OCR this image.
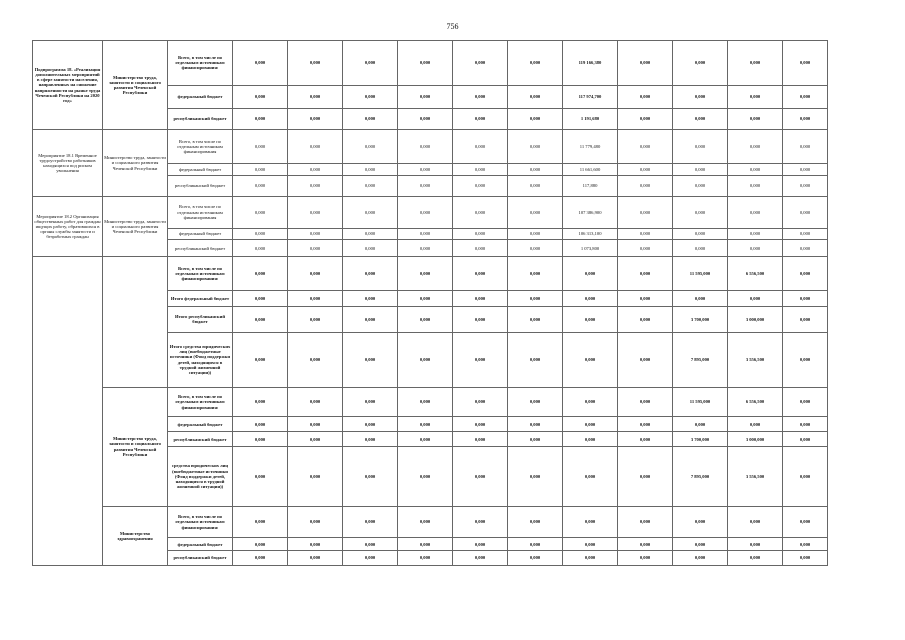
756
Подпрограмма 18. «Реализация дополнительных мероприятий в сфере занятости населения, направленных на снижение напряженности на рынке труда Чеченской Республики на 2020 год»	Министерство труда, занятости и социального развития Чеченской Республики	Всего, в том числе по отдельным источникам финансирования:	0,000	0,000	0,000	0,000	0,000	0,000	119 166,380	0,000	0,000	0,000	0,000
		федеральный бюджет	0,000	0,000	0,000	0,000	0,000	0,000	117 974,700	0,000	0,000	0,000	0,000
		республиканский бюджет	0,000	0,000	0,000	0,000	0,000	0,000	1 191,680	0,000	0,000	0,000	0,000
Мероприятие 18.1 Временное трудоустройство работников находящихся под риском увольнения	Министерство труда, занятости и социального развития Чеченской Республики	Всего, в том числе по отдельным источникам финансирования	0,000	0,000	0,000	0,000	0,000	0,000	11 779,480	0,000	0,000	0,000	0,000
		федеральный бюджет	0,000	0,000	0,000	0,000	0,000	0,000	11 661,600	0,000	0,000	0,000	0,000
		республиканский бюджет	0,000	0,000	0,000	0,000	0,000	0,000	117,880	0,000	0,000	0,000	0,000
Мероприятие 18.2 Организация общественных работ для граждан ищущих работу, обратившихся в органы службы занятости и безработных граждан	Министерство труда, занятости и социального развития Чеченской Республики	Всего, в том числе по отдельным источникам финансирования	0,000	0,000	0,000	0,000	0,000	0,000	107 386,900	0,000	0,000	0,000	0,000
		федеральный бюджет	0,000	0,000	0,000	0,000	0,000	0,000	106 313,100	0,000	0,000	0,000	0,000
		республиканский бюджет	0,000	0,000	0,000	0,000	0,000	0,000	1 073,800	0,000	0,000	0,000	0,000
		Всего, в том числе по отдельным источникам финансирования:	0,000	0,000	0,000	0,000	0,000	0,000	0,000	0,000	11 595,000	6 556,500	0,000
		Итого федеральный бюджет	0,000	0,000	0,000	0,000	0,000	0,000	0,000	0,000	0,000	0,000	0,000
		Итого республиканский бюджет	0,000	0,000	0,000	0,000	0,000	0,000	0,000	0,000	3 700,000	3 000,000	0,000
		Итого средства юридических лиц (внебюджетные источники (Фонд поддержки детей, находящихся в трудной жизненной ситуации))	0,000	0,000	0,000	0,000	0,000	0,000	0,000	0,000	7 895,000	3 556,500	0,000
	Министерство труда, занятости и социального развития Чеченской Республики	Всего, в том числе по отдельным источникам финансирования:	0,000	0,000	0,000	0,000	0,000	0,000	0,000	0,000	11 595,000	6 556,500	0,000
		федеральный бюджет	0,000	0,000	0,000	0,000	0,000	0,000	0,000	0,000	0,000	0,000	0,000
		республиканский бюджет	0,000	0,000	0,000	0,000	0,000	0,000	0,000	0,000	3 700,000	3 000,000	0,000
		средства юридических лиц (внебюджетные источники (Фонд поддержки детей, находящихся в трудной жизненной ситуации))	0,000	0,000	0,000	0,000	0,000	0,000	0,000	0,000	7 895,000	3 556,500	0,000
	Министерство здравоохранения	Всего, в том числе по отдельным источникам финансирования:	0,000	0,000	0,000	0,000	0,000	0,000	0,000	0,000	0,000	0,000	0,000
		федеральный бюджет	0,000	0,000	0,000	0,000	0,000	0,000	0,000	0,000	0,000	0,000	0,000
		республиканский бюджет	0,000	0,000	0,000	0,000	0,000	0,000	0,000	0,000	0,000	0,000	0,000
